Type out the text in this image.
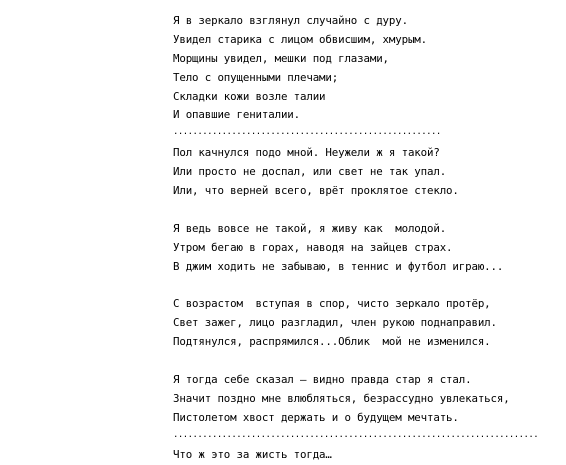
Я в зеркало взглянул случайно с дуру.
Увидел старика с лицом обвисшим, хмурым.
Морщины увидел, мешки под глазами,
Тело с опущенными плечами;
Складки кожи возле талии
И опавшие гениталии.
.......................................................
Пол качнулся подо мной. Неужели ж я такой?
Или просто не доспал, или свет не так упал.
Или, что верней всего, врёт проклятое стекло.
Я ведь вовсе не такой, я живу как  молодой.
Утром бегаю в горах, наводя на зайцев страх.
В джим ходить не забываю, в теннис и футбол играю...
С возрастом  вступая в спор, чисто зеркало протёр,
Свет зажег, лицо разгладил, член рукою поднаправил.
Подтянулся, распрямился...Облик  мой не изменился.
Я тогда себе сказал – видно правда стар я стал.
Значит поздно мне влюбляться, безрассудно увлекаться,
Пистолетом хвост держать и о будущем мечтать.
...........................................................................
Что ж это за жисть тогда…
